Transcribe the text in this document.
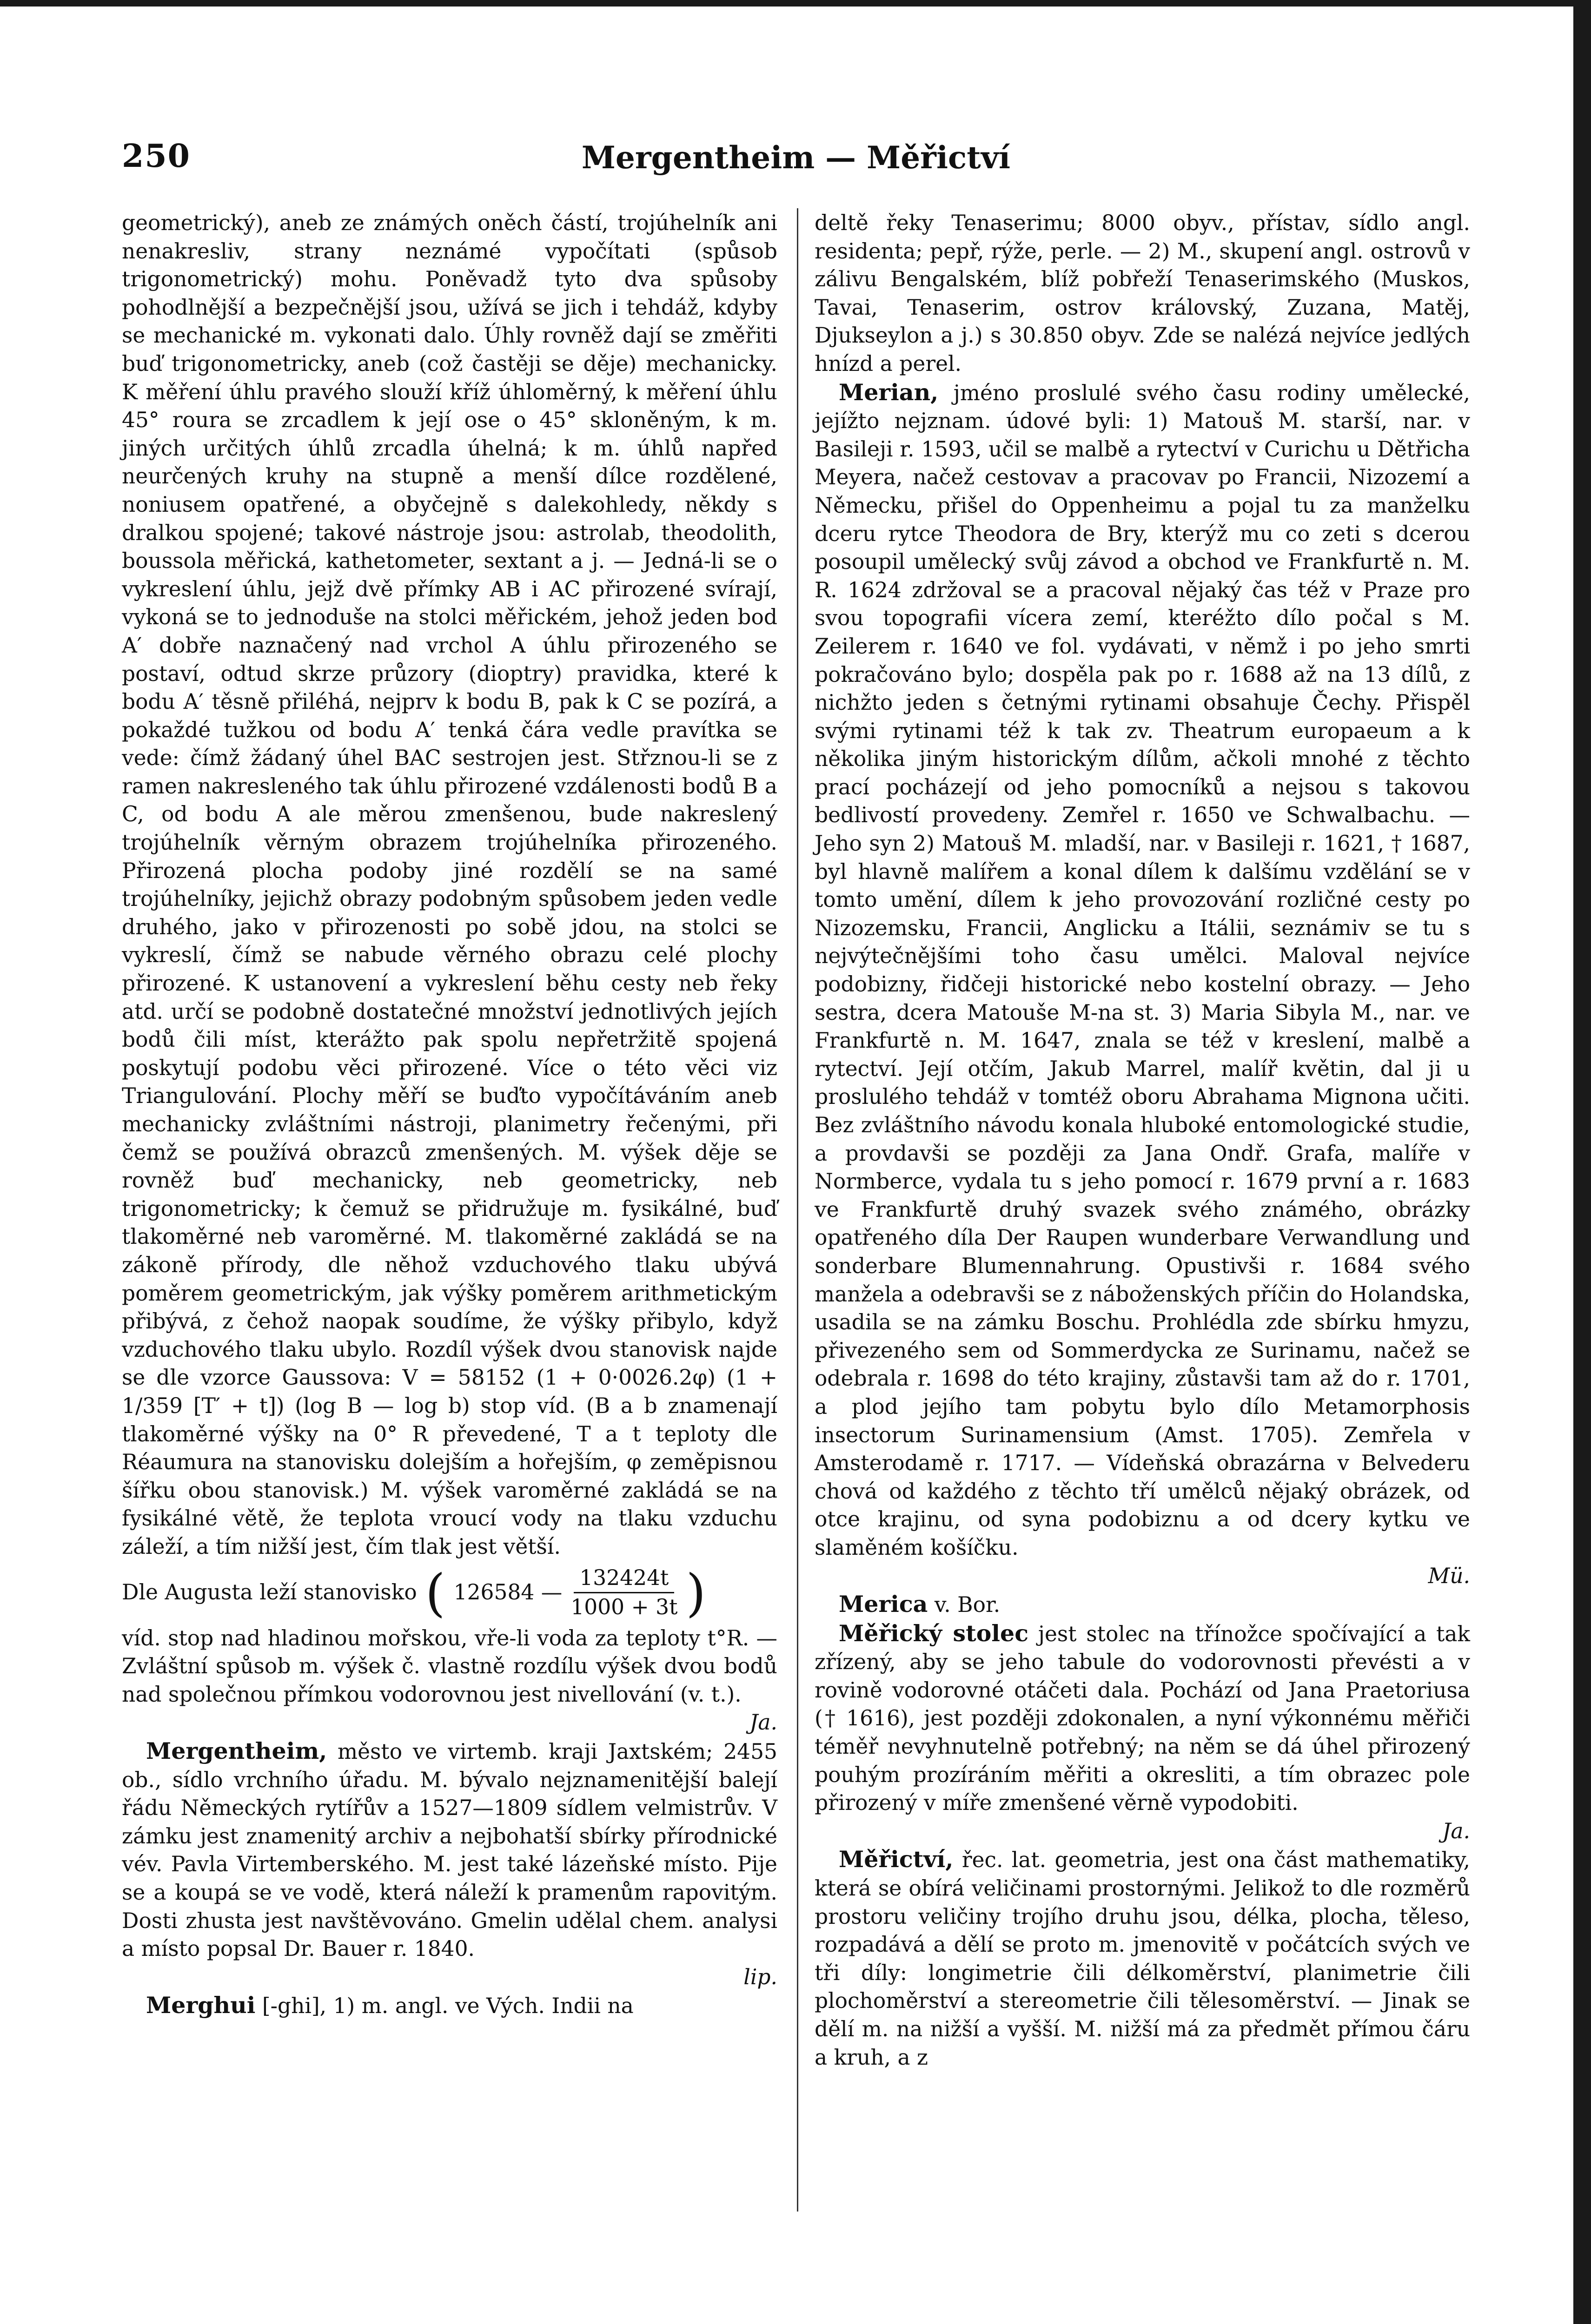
250	Mergentheim — Měřictví

geometrický), aneb ze známých oněch částí, trojúhelník ani nenakresliv, strany neznámé vypočítati (spůsob trigonometrický) mohu. Poněvadž tyto dva spůsoby pohodlnější a bezpečnější jsou, užívá se jich i tehdáž, kdyby se mechanické m. vykonati dalo. Úhly rovněž dají se změřiti buď trigonometricky, aneb (což častěji se děje) mechanicky. K měření úhlu pravého slouží kříž úhloměrný, k měření úhlu 45° roura se zrcadlem k její ose o 45° skloněným, k m. jiných určitých úhlů zrcadla úhelná; k m. úhlů napřed neurčených kruhy na stupně a menší dílce rozdělené, noniusem opatřené, a obyčejně s dalekohledy, někdy s dralkou spojené; takové nástroje jsou: astrolab, theodolith, boussola měřická, kathetometer, sextant a j. — Jedná-li se o vykreslení úhlu, jejž dvě přímky AB i AC přirozené svírají, vykoná se to jednoduše na stolci měřickém, jehož jeden bod A′ dobře naznačený nad vrchol A úhlu přirozeného se postaví, odtud skrze průzory (dioptry) pravidka, které k bodu A′ těsně přiléhá, nejprv k bodu B, pak k C se pozírá, a pokaždé tužkou od bodu A′ tenká čára vedle pravítka se vede: čímž žádaný úhel BAC sestrojen jest. Střznou-li se z ramen nakresleného tak úhlu přirozené vzdálenosti bodů B a C, od bodu A ale měrou zmenšenou, bude nakreslený trojúhelník věrným obrazem trojúhelníka přirozeného. Přirozená plocha podoby jiné rozdělí se na samé trojúhelníky, jejichž obrazy podobným spůsobem jeden vedle druhého, jako v přirozenosti po sobě jdou, na stolci se vykreslí, čímž se nabude věrného obrazu celé plochy přirozené. K ustanovení a vykreslení běhu cesty neb řeky atd. určí se podobně dostatečné množství jednotlivých jejích bodů čili míst, kterážto pak spolu nepřetržitě spojená poskytují podobu věci přirozené. Více o této věci viz Triangulování. Plochy měří se buďto vypočítáváním aneb mechanicky zvláštními nástroji, planimetry řečenými, při čemž se používá obrazců zmenšených. M. výšek děje se rovněž buď mechanicky, neb geometricky, neb trigonometricky; k čemuž se přidružuje m. fysikálné, buď tlakoměrné neb varoměrné. M. tlakoměrné zakládá se na zákoně přírody, dle něhož vzduchového tlaku ubývá poměrem geometrickým, jak výšky poměrem arithmetickým přibývá, z čehož naopak soudíme, že výšky přibylo, když vzduchového tlaku ubylo. Rozdíl výšek dvou stanovisk najde se dle vzorce Gaussova: V = 58152 (1 + 0·0026.2φ) (1 + 1/359 [T′ + t]) (log B — log b) stop víd. (B a b znamenají tlakoměrné výšky na 0° R převedené, T a t teploty dle Réaumura na stanovisku dolejším a hořejším, φ zeměpisnou šířku obou stanovisk.) M. výšek varoměrné zakládá se na fysikálné větě, že teplota vroucí vody na tlaku vzduchu záleží, a tím nižší jest, čím tlak jest větší.

Dle Augusta leží stanovisko ( 126584 — $\frac{132424t}{1000 + 3t}$ )

víd. stop nad hladinou mořskou, vře-li voda za teploty t°R. — Zvláštní spůsob m. výšek č. vlastně rozdílu výšek dvou bodů nad společnou přímkou vodorovnou jest nivellování (v. t.).
Ja.

Mergentheim, město ve virtemb. kraji Jaxtském; 2455 ob., sídlo vrchního úřadu. M. bývalo nejznamenitější balejí řádu Německých rytířův a 1527—1809 sídlem velmistrův. V zámku jest znamenitý archiv a nejbohatší sbírky přírodnické vév. Pavla Virtemberského. M. jest také lázeňské místo. Pije se a koupá se ve vodě, která náleží k pramenům rapovitým. Dosti zhusta jest navštěvováno. Gmelin udělal chem. analysi a místo popsal Dr. Bauer r. 1840.
lip.

Merghui [-ghi], 1) m. angl. ve Vých. Indii na

deltě řeky Tenaserimu; 8000 obyv., přístav, sídlo angl. residenta; pepř, rýže, perle. — 2) M., skupení angl. ostrovů v zálivu Bengalském, blíž pobřeží Tenaserimského (Muskos, Tavai, Tenaserim, ostrov královský, Zuzana, Matěj, Djukseylon a j.) s 30.850 obyv. Zde se nalézá nejvíce jedlých hnízd a perel.

Merian, jméno proslulé svého času rodiny umělecké, jejížto nejznam. údové byli: 1) Matouš M. starší, nar. v Basileji r. 1593, učil se malbě a rytectví v Curichu u Dětřicha Meyera, načež cestovav a pracovav po Francii, Nizozemí a Německu, přišel do Oppenheimu a pojal tu za manželku dceru rytce Theodora de Bry, kterýž mu co zeti s dcerou posoupil umělecký svůj závod a obchod ve Frankfurtě n. M. R. 1624 zdržoval se a pracoval nějaký čas též v Praze pro svou topografii vícera zemí, kteréžto dílo počal s M. Zeilerem r. 1640 ve fol. vydávati, v němž i po jeho smrti pokračováno bylo; dospěla pak po r. 1688 až na 13 dílů, z nichžto jeden s četnými rytinami obsahuje Čechy. Přispěl svými rytinami též k tak zv. Theatrum europaeum a k několika jiným historickým dílům, ačkoli mnohé z těchto prací pocházejí od jeho pomocníků a nejsou s takovou bedlivostí provedeny. Zemřel r. 1650 ve Schwalbachu. — Jeho syn 2) Matouš M. mladší, nar. v Basileji r. 1621, † 1687, byl hlavně malířem a konal dílem k dalšímu vzdělání se v tomto umění, dílem k jeho provozování rozličné cesty po Nizozemsku, Francii, Anglicku a Itálii, seznámiv se tu s nejvýtečnějšími toho času umělci. Maloval nejvíce podobizny, řidčeji historické nebo kostelní obrazy. — Jeho sestra, dcera Matouše M-na st. 3) Maria Sibyla M., nar. ve Frankfurtě n. M. 1647, znala se též v kreslení, malbě a rytectví. Její otčím, Jakub Marrel, malíř květin, dal ji u proslulého tehdáž v tomtéž oboru Abrahama Mignona učiti. Bez zvláštního návodu konala hluboké entomologické studie, a provdavši se později za Jana Ondř. Grafa, malíře v Normberce, vydala tu s jeho pomocí r. 1679 první a r. 1683 ve Frankfurtě druhý svazek svého známého, obrázky opatřeného díla Der Raupen wunderbare Verwandlung und sonderbare Blumennahrung. Opustivši r. 1684 svého manžela a odebravši se z náboženských příčin do Holandska, usadila se na zámku Boschu. Prohlédla zde sbírku hmyzu, přivezeného sem od Sommerdycka ze Surinamu, načež se odebrala r. 1698 do této krajiny, zůstavši tam až do r. 1701, a plod jejího tam pobytu bylo dílo Metamorphosis insectorum Surinamensium (Amst. 1705). Zemřela v Amsterodamě r. 1717. — Vídeňská obrazárna v Belvederu chová od každého z těchto tří umělců nějaký obrázek, od otce krajinu, od syna podobiznu a od dcery kytku ve slaměném košíčku.
Mü.

Merica v. Bor.

Měřický stolec jest stolec na třínožce spočívající a tak zřízený, aby se jeho tabule do vodorovnosti převésti a v rovině vodorovné otáčeti dala. Pochází od Jana Praetoriusa († 1616), jest později zdokonalen, a nyní výkonnému měřiči téměř nevyhnutelně potřebný; na něm se dá úhel přirozený pouhým prozíráním měřiti a okresliti, a tím obrazec pole přirozený v míře zmenšené věrně vypodobiti.
Ja.

Měřictví, řec. lat. geometria, jest ona část mathematiky, která se obírá veličinami prostornými. Jelikož to dle rozměrů prostoru veličiny trojího druhu jsou, délka, plocha, těleso, rozpadává a dělí se proto m. jmenovitě v počátcích svých ve tři díly: longimetrie čili délkoměrství, planimetrie čili plochoměrství a stereometrie čili tělesoměrství. — Jinak se dělí m. na nižší a vyšší. M. nižší má za předmět přímou čáru a kruh, a z
